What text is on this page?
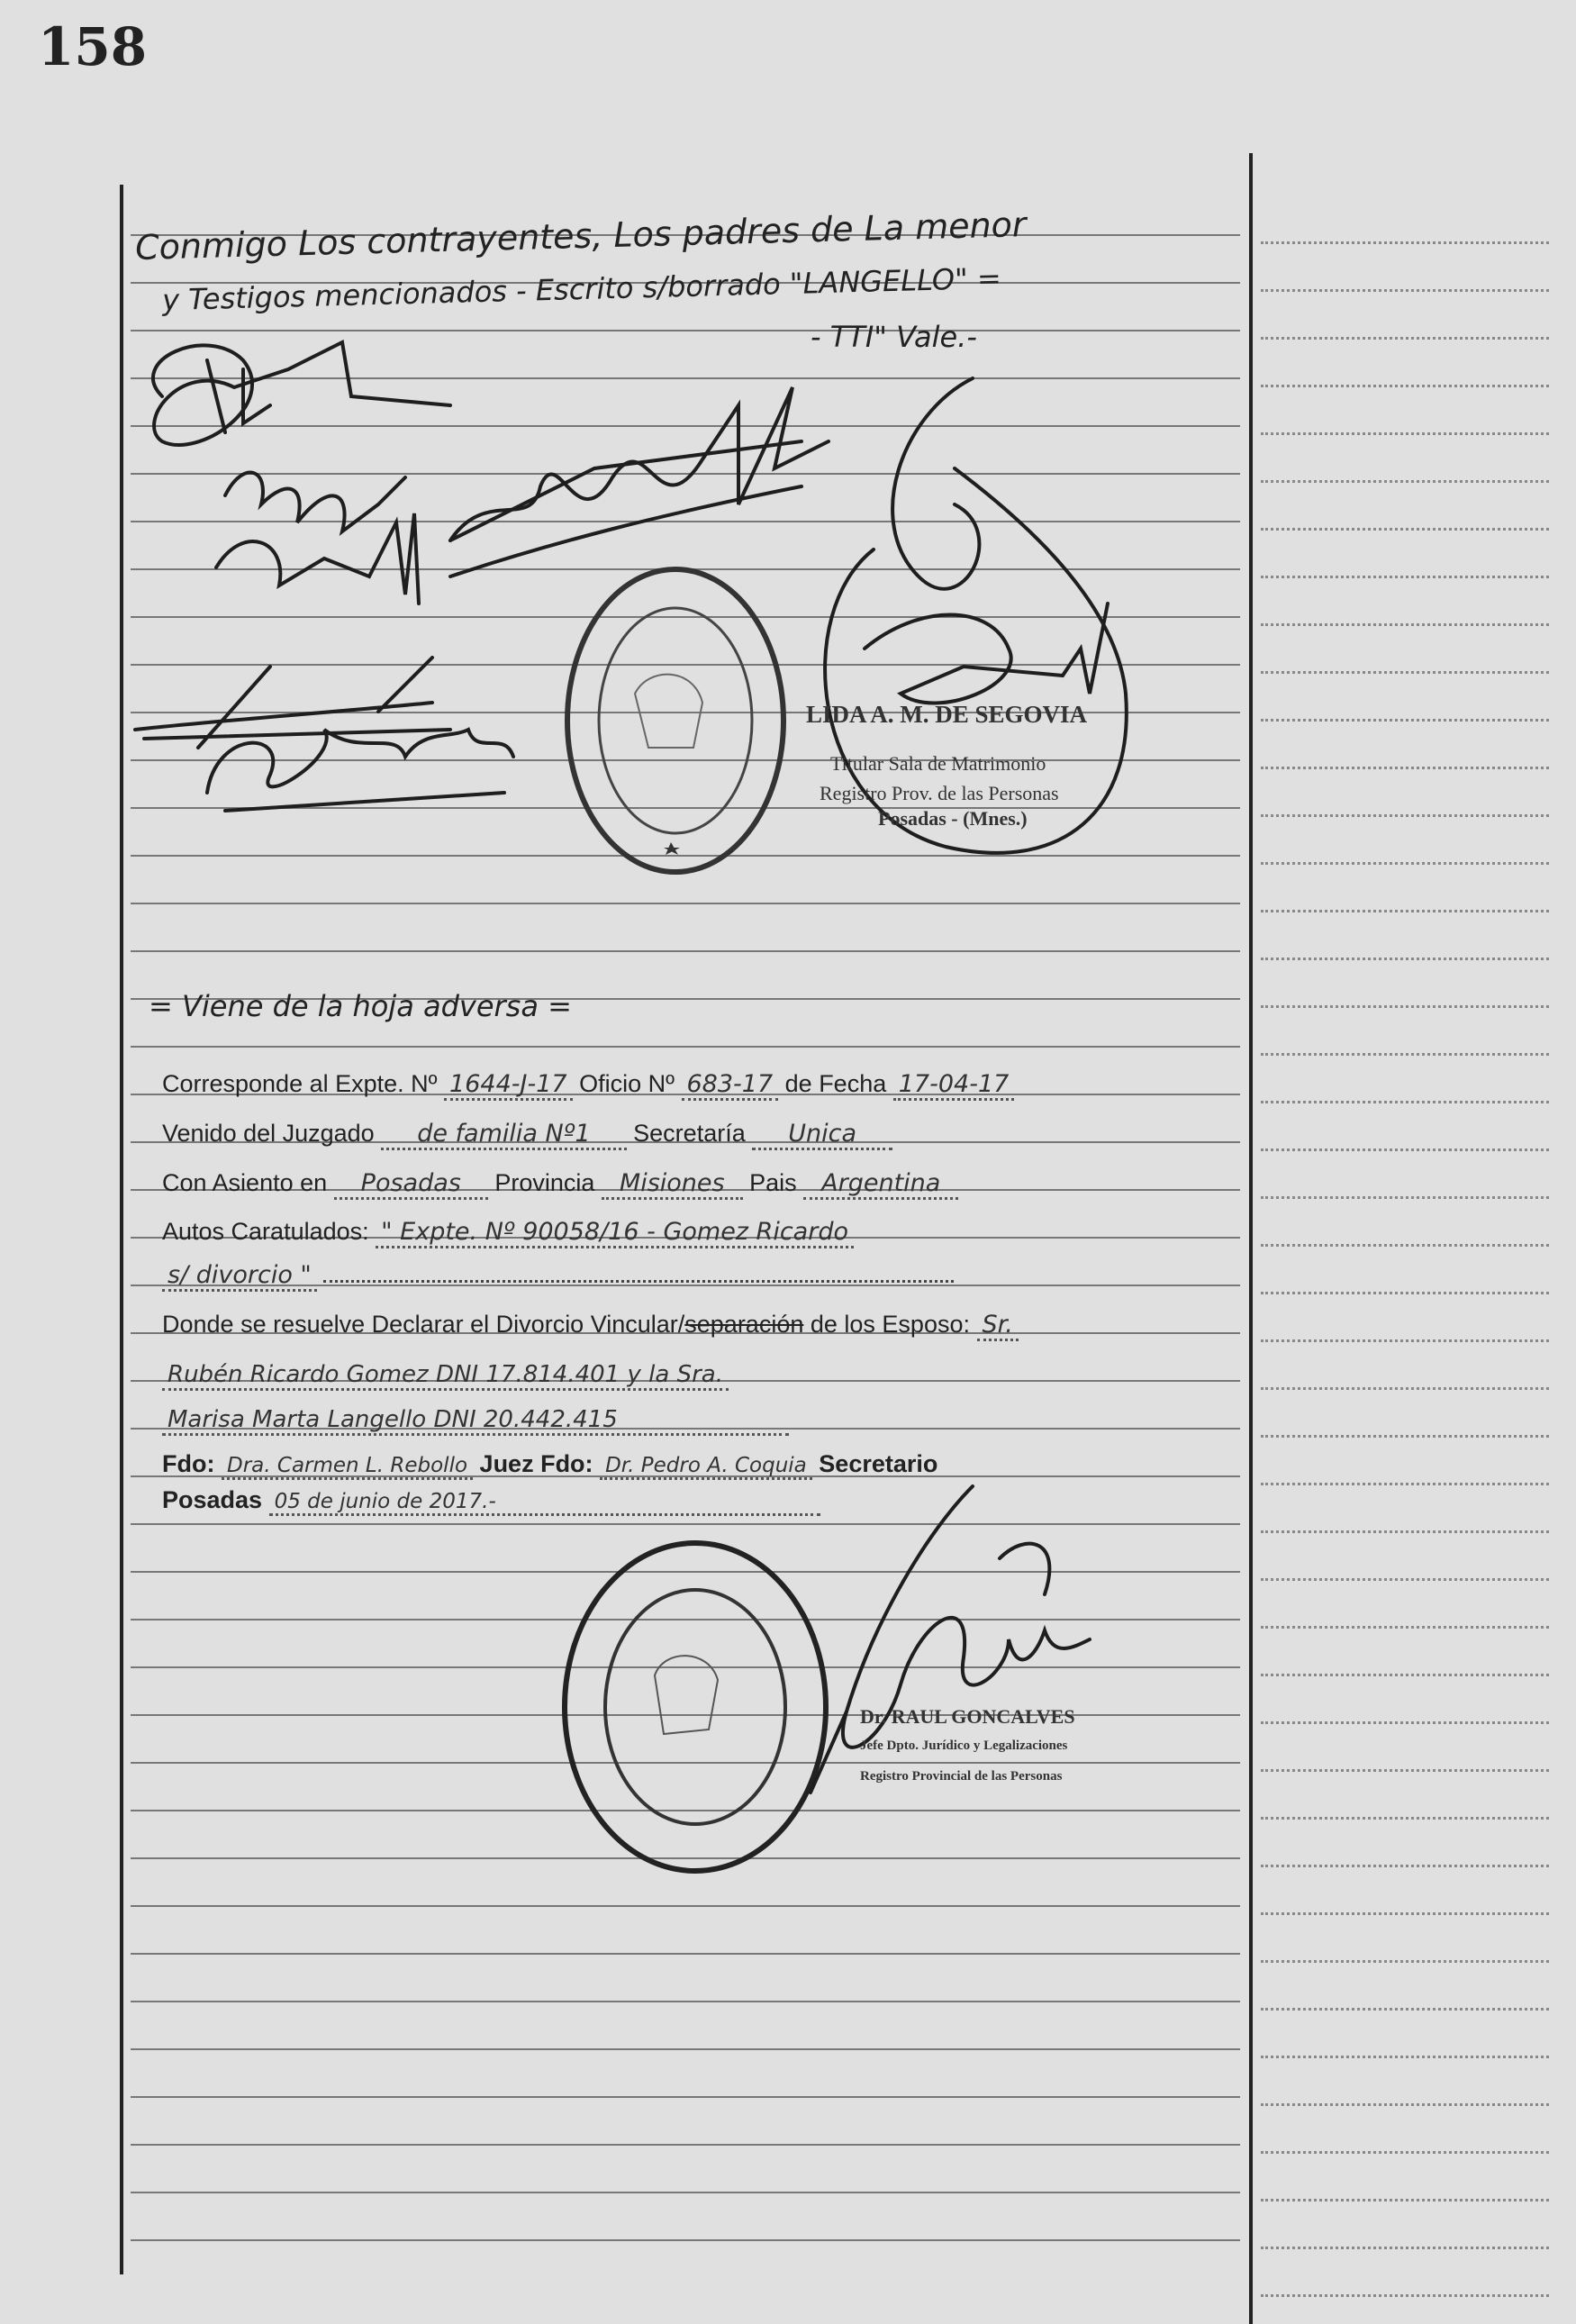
158
Conmigo Los contrayentes, Los padres de La menor
y Testigos mencionados - Escrito s/borrado "LANGELLO" =
- TTI" Vale.-
LIDA A. M. DE SEGOVIA
Titular Sala de Matrimonio
Registro Prov. de las Personas
Posadas - (Mnes.)
= Viene de la hoja adversa =
Corresponde al Expte. Nº 1644-J-17 Oficio Nº 683-17 de Fecha 17-04-17
Venido del Juzgado de familia Nº1 Secretaría Unica
Con Asiento en Posadas Provincia Misiones Pais Argentina
Autos Caratulados: " Expte. Nº 90058/16 - Gomez Ricardo
s/ divorcio "
Donde se resuelve Declarar el Divorcio Vincular/separación de los Esposo: Sr.
Rubén Ricardo Gomez DNI 17.814.401 y la Sra.
Marisa Marta Langello DNI 20.442.415
Fdo: Dra. Carmen L. Rebollo Juez Fdo: Dr. Pedro A. Coquia Secretario
Posadas 05 de junio de 2017.-
Dr. RAUL GONCALVES
Jefe Dpto. Jurídico y Legalizaciones
Registro Provincial de las Personas
